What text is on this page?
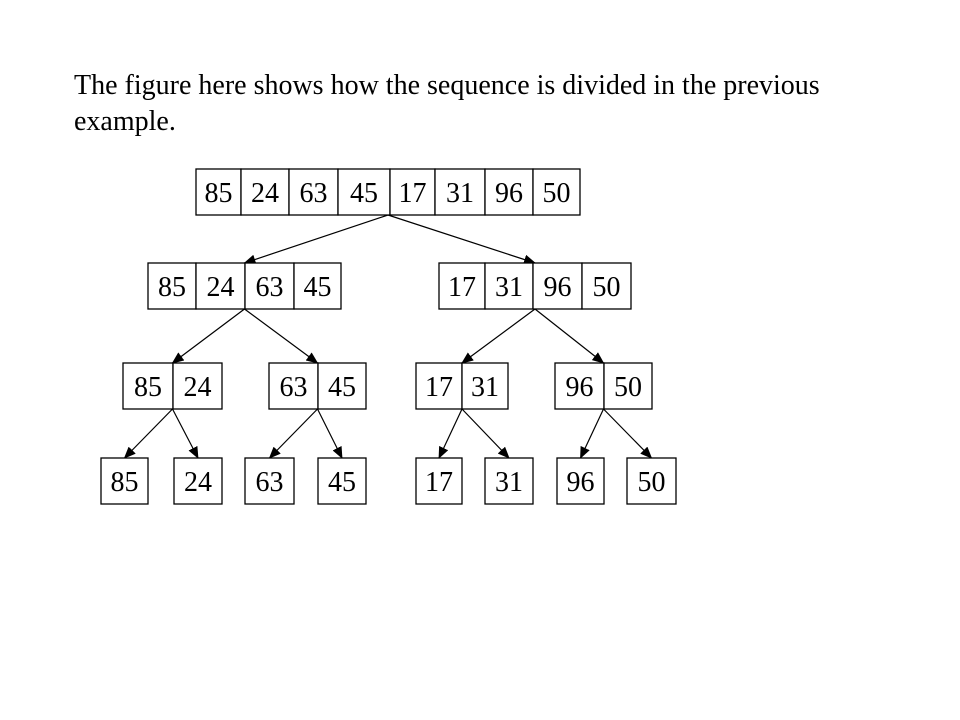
The figure here shows how the sequence is divided in the previous example.

85 24 63 45 17 31 96 50
85 24 63 45	17 31 96 50
85 24 63 45 17 31 96 50
85 24 63 45 17 31 96 50
